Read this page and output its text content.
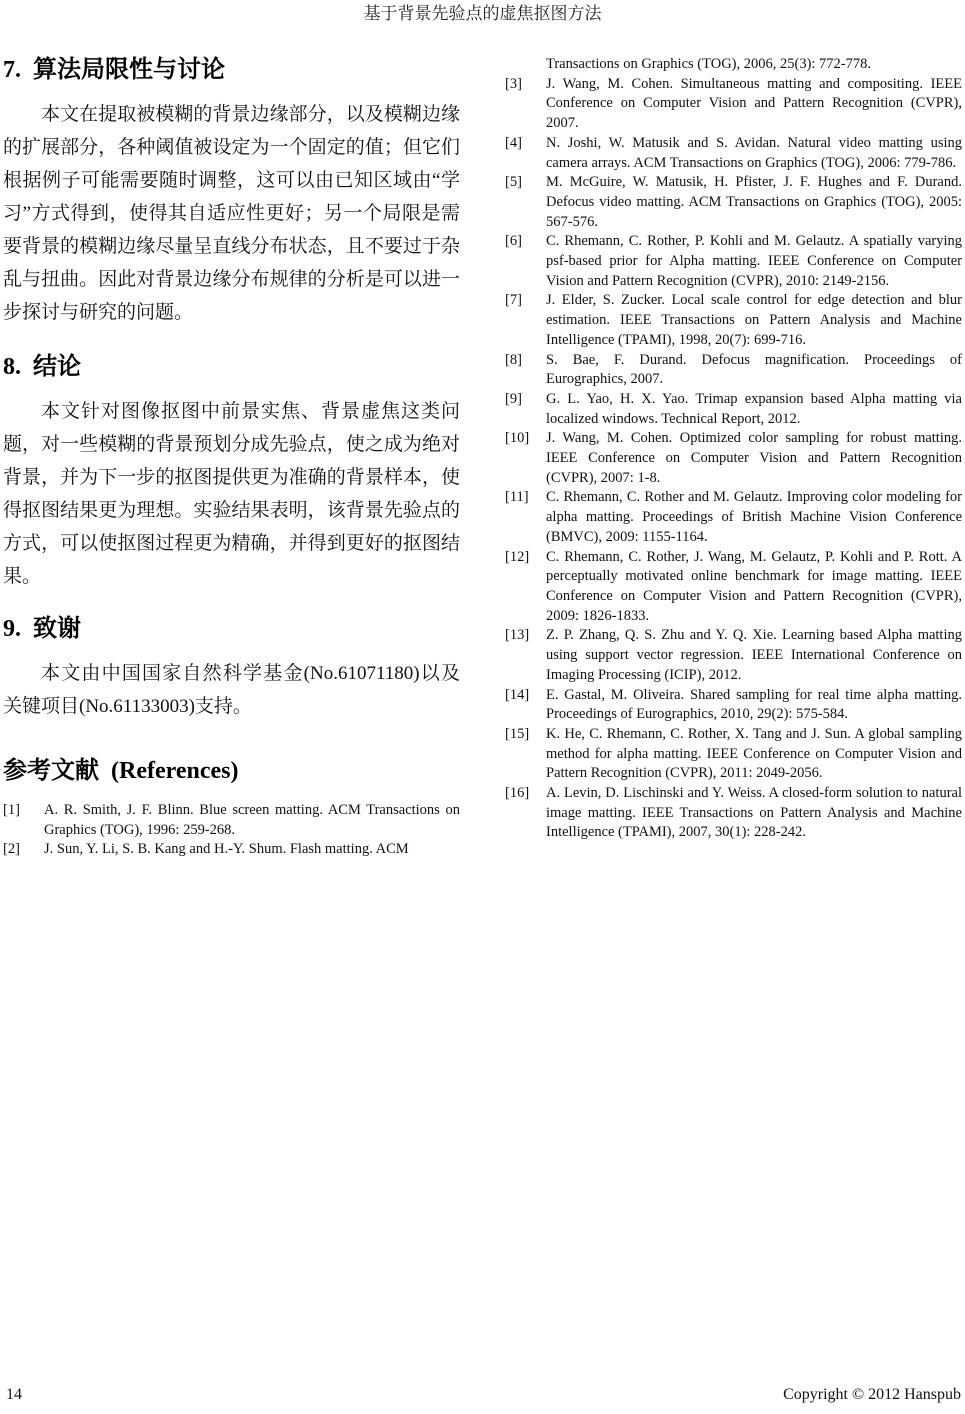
基于背景先验点的虚焦抠图方法
7.  算法局限性与讨论

本文在提取被模糊的背景边缘部分，以及模糊边缘的扩展部分，各种阈值被设定为一个固定的值；但它们根据例子可能需要随时调整，这可以由已知区域由“学习”方式得到，使得其自适应性更好；另一个局限是需要背景的模糊边缘尽量呈直线分布状态，且不要过于杂乱与扭曲。因此对背景边缘分布规律的分析是可以进一步探讨与研究的问题。

8.  结论

本文针对图像抠图中前景实焦、背景虚焦这类问题，对一些模糊的背景预划分成先验点，使之成为绝对背景，并为下一步的抠图提供更为准确的背景样本，使得抠图结果更为理想。实验结果表明，该背景先验点的方式，可以使抠图过程更为精确，并得到更好的抠图结果。

9.  致谢

本文由中国国家自然科学基金(No.61071180)以及关键项目(No.61133003)支持。

参考文献  (References)
[1] A. R. Smith, J. F. Blinn. Blue screen matting. ACM Transactions on Graphics (TOG), 1996: 259-268.
[2] J. Sun, Y. Li, S. B. Kang and H.-Y. Shum. Flash matting. ACM
Transactions on Graphics (TOG), 2006, 25(3): 772-778.
[3] J. Wang, M. Cohen. Simultaneous matting and compositing. IEEE Conference on Computer Vision and Pattern Recognition (CVPR), 2007.
[4] N. Joshi, W. Matusik and S. Avidan. Natural video matting using camera arrays. ACM Transactions on Graphics (TOG), 2006: 779-786.
[5] M. McGuire, W. Matusik, H. Pfister, J. F. Hughes and F. Durand. Defocus video matting. ACM Transactions on Graphics (TOG), 2005: 567-576.
[6] C. Rhemann, C. Rother, P. Kohli and M. Gelautz. A spatially varying psf-based prior for Alpha matting. IEEE Conference on Computer Vision and Pattern Recognition (CVPR), 2010: 2149-2156.
[7] J. Elder, S. Zucker. Local scale control for edge detection and blur estimation. IEEE Transactions on Pattern Analysis and Machine Intelligence (TPAMI), 1998, 20(7): 699-716.
[8] S. Bae, F. Durand. Defocus magnification. Proceedings of Eurographics, 2007.
[9] G. L. Yao, H. X. Yao. Trimap expansion based Alpha matting via localized windows. Technical Report, 2012.
[10] J. Wang, M. Cohen. Optimized color sampling for robust matting. IEEE Conference on Computer Vision and Pattern Recognition (CVPR), 2007: 1-8.
[11] C. Rhemann, C. Rother and M. Gelautz. Improving color modeling for alpha matting. Proceedings of British Machine Vision Conference (BMVC), 2009: 1155-1164.
[12] C. Rhemann, C. Rother, J. Wang, M. Gelautz, P. Kohli and P. Rott. A perceptually motivated online benchmark for image matting. IEEE Conference on Computer Vision and Pattern Recognition (CVPR), 2009: 1826-1833.
[13] Z. P. Zhang, Q. S. Zhu and Y. Q. Xie. Learning based Alpha matting using support vector regression. IEEE International Conference on Imaging Processing (ICIP), 2012.
[14] E. Gastal, M. Oliveira. Shared sampling for real time alpha matting. Proceedings of Eurographics, 2010, 29(2): 575-584.
[15] K. He, C. Rhemann, C. Rother, X. Tang and J. Sun. A global sampling method for alpha matting. IEEE Conference on Computer Vision and Pattern Recognition (CVPR), 2011: 2049-2056.
[16] A. Levin, D. Lischinski and Y. Weiss. A closed-form solution to natural image matting. IEEE Transactions on Pattern Analysis and Machine Intelligence (TPAMI), 2007, 30(1): 228-242.
14	Copyright © 2012 Hanspub
